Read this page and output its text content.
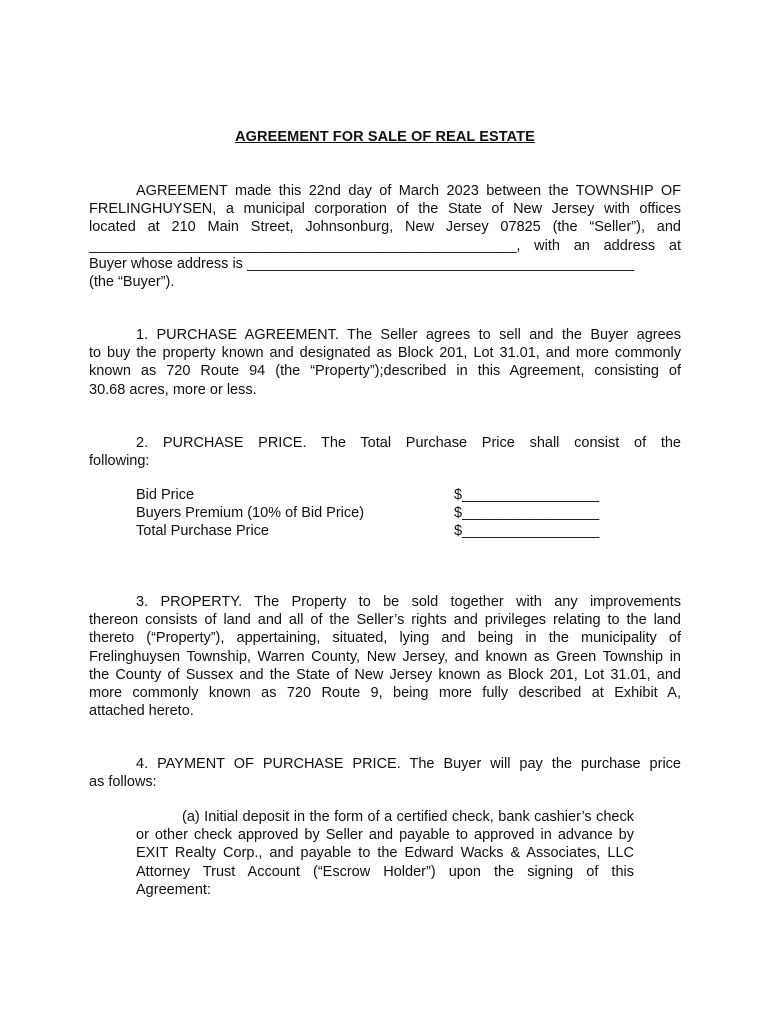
AGREEMENT FOR SALE OF REAL ESTATE
AGREEMENT made this 22nd day of March 2023 between the TOWNSHIP OF
FRELINGHUYSEN, a municipal corporation of the State of New Jersey with offices
located at 210 Main Street, Johnsonburg, New Jersey 07825 (the “Seller”), and
_____________________________________________________, with an address at
Buyer whose address is ________________________________________________
(the “Buyer”).
1. PURCHASE AGREEMENT. The Seller agrees to sell and the Buyer agrees
to buy the property known and designated as Block 201, Lot 31.01, and more commonly
known as 720 Route 94 (the “Property”);described in this Agreement, consisting of
30.68 acres, more or less.
2. PURCHASE PRICE. The Total Purchase Price shall consist of the
following:
Bid Price	$_________________
Buyers Premium (10% of Bid Price)	$_________________
Total Purchase Price	$_________________
3. PROPERTY. The Property to be sold together with any improvements
thereon consists of land and all of the Seller’s rights and privileges relating to the land
thereto (“Property”), appertaining, situated, lying and being in the municipality of
Frelinghuysen Township, Warren County, New Jersey, and known as Green Township in
the County of Sussex and the State of New Jersey known as Block 201, Lot 31.01, and
more commonly known as 720 Route 9, being more fully described at Exhibit A,
attached hereto.
4. PAYMENT OF PURCHASE PRICE. The Buyer will pay the purchase price
as follows:
(a) Initial deposit in the form of a certified check, bank cashier’s check
or other check approved by Seller and payable to approved in advance by
EXIT Realty Corp., and payable to the Edward Wacks & Associates, LLC
Attorney Trust Account (“Escrow Holder”) upon the signing of this
Agreement:
